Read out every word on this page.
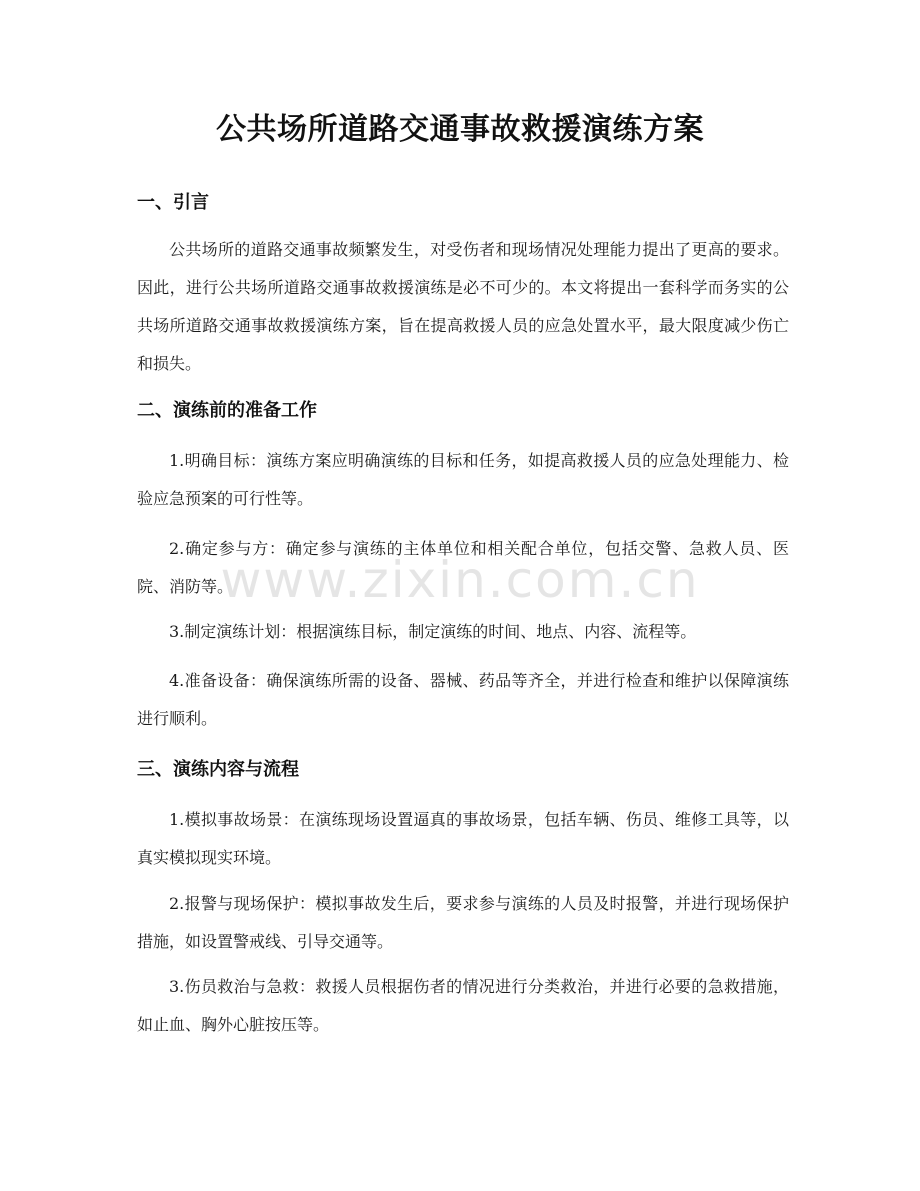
公共场所道路交通事故救援演练方案
一、引言

公共场所的道路交通事故频繁发生，对受伤者和现场情况处理能力提出了更高的要求。因此，进行公共场所道路交通事故救援演练是必不可少的。本文将提出一套科学而务实的公共场所道路交通事故救援演练方案，旨在提高救援人员的应急处置水平，最大限度减少伤亡和损失。

二、演练前的准备工作

1.明确目标：演练方案应明确演练的目标和任务，如提高救援人员的应急处理能力、检验应急预案的可行性等。

2.确定参与方：确定参与演练的主体单位和相关配合单位，包括交警、急救人员、医院、消防等。

3.制定演练计划：根据演练目标，制定演练的时间、地点、内容、流程等。

4.准备设备：确保演练所需的设备、器械、药品等齐全，并进行检查和维护以保障演练进行顺利。

三、演练内容与流程

1.模拟事故场景：在演练现场设置逼真的事故场景，包括车辆、伤员、维修工具等，以真实模拟现实环境。

2.报警与现场保护：模拟事故发生后，要求参与演练的人员及时报警，并进行现场保护措施，如设置警戒线、引导交通等。

3.伤员救治与急救：救援人员根据伤者的情况进行分类救治，并进行必要的急救措施，如止血、胸外心脏按压等。

www.zixin.com.cn
